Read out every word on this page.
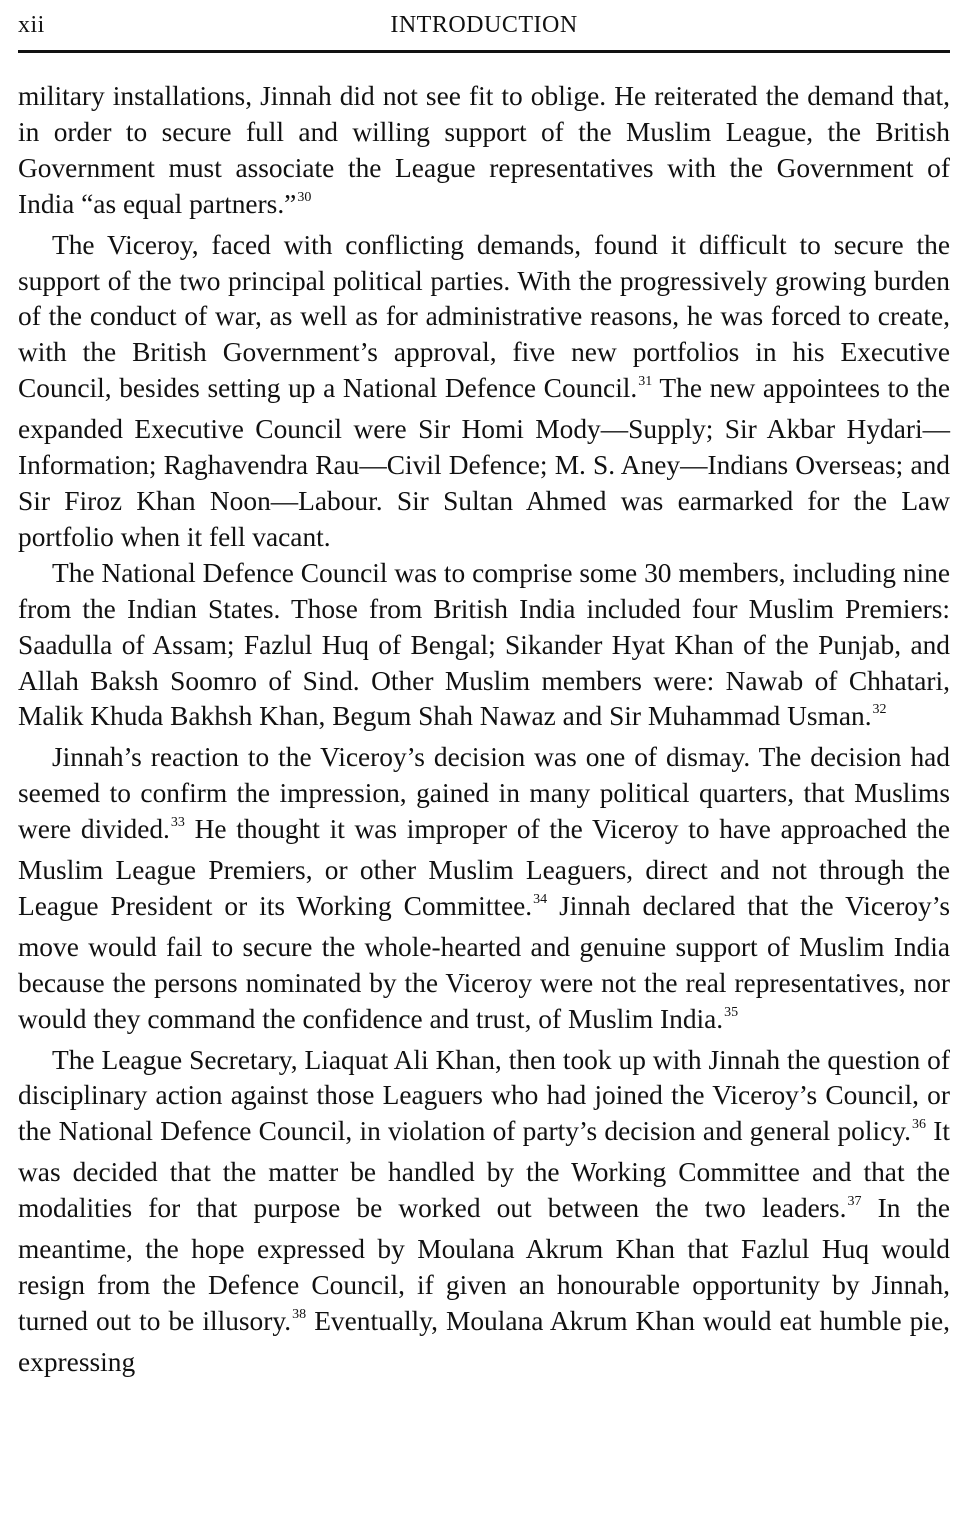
xii	INTRODUCTION

military installations, Jinnah did not see fit to oblige. He reiterated the demand that, in order to secure full and willing support of the Muslim League, the British Government must associate the League representatives with the Government of India “as equal partners.”$^{30}$

The Viceroy, faced with conflicting demands, found it difficult to secure the support of the two principal political parties. With the progressively growing burden of the conduct of war, as well as for administrative reasons, he was forced to create, with the British Government’s approval, five new portfolios in his Executive Council, besides setting up a National Defence Council.$^{31}$ The new appointees to the expanded Executive Council were Sir Homi Mody—Supply; Sir Akbar Hydari—Information; Raghavendra Rau—Civil Defence; M. S. Aney—Indians Overseas; and Sir Firoz Khan Noon—Labour. Sir Sultan Ahmed was earmarked for the Law portfolio when it fell vacant.

The National Defence Council was to comprise some 30 members, including nine from the Indian States. Those from British India included four Muslim Premiers: Saadulla of Assam; Fazlul Huq of Bengal; Sikander Hyat Khan of the Punjab, and Allah Baksh Soomro of Sind. Other Muslim members were: Nawab of Chhatari, Malik Khuda Bakhsh Khan, Begum Shah Nawaz and Sir Muhammad Usman.$^{32}$

Jinnah’s reaction to the Viceroy’s decision was one of dismay. The decision had seemed to confirm the impression, gained in many political quarters, that Muslims were divided.$^{33}$ He thought it was improper of the Viceroy to have approached the Muslim League Premiers, or other Muslim Leaguers, direct and not through the League President or its Working Committee.$^{34}$ Jinnah declared that the Viceroy’s move would fail to secure the whole-hearted and genuine support of Muslim India because the persons nominated by the Viceroy were not the real representatives, nor would they command the confidence and trust, of Muslim India.$^{35}$

The League Secretary, Liaquat Ali Khan, then took up with Jinnah the question of disciplinary action against those Leaguers who had joined the Viceroy’s Council, or the National Defence Council, in violation of party’s decision and general policy.$^{36}$ It was decided that the matter be handled by the Working Committee and that the modalities for that purpose be worked out between the two leaders.$^{37}$ In the meantime, the hope expressed by Moulana Akrum Khan that Fazlul Huq would resign from the Defence Council, if given an honourable opportunity by Jinnah, turned out to be illusory.$^{38}$ Eventually, Moulana Akrum Khan would eat humble pie, expressing
